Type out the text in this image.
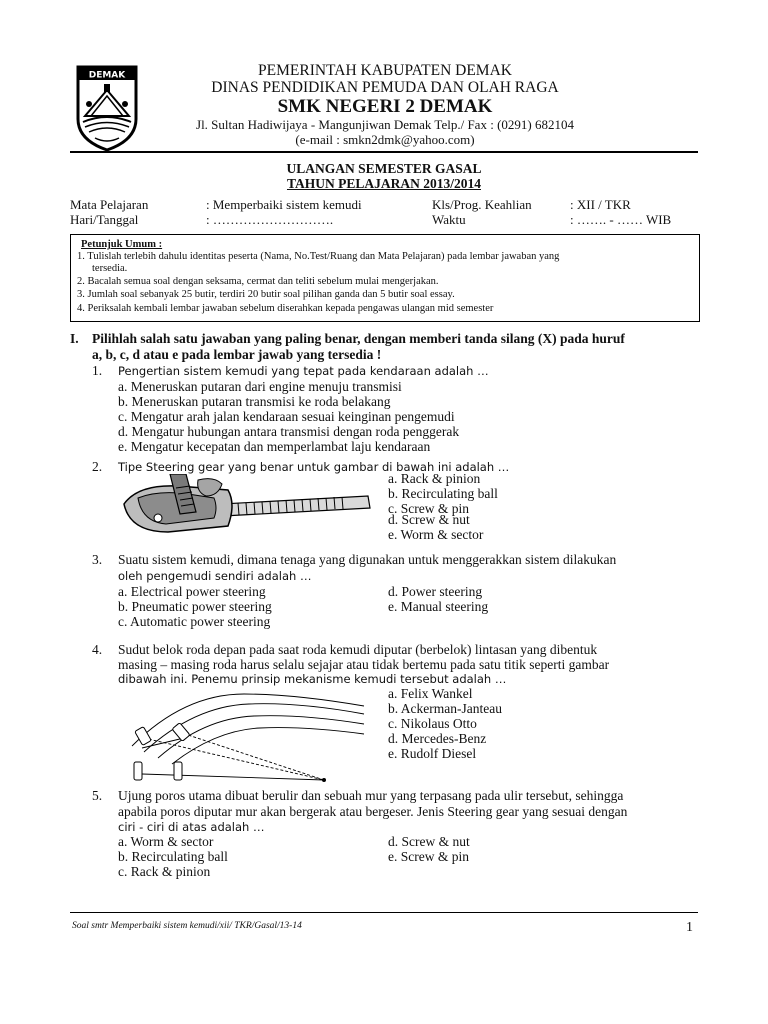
DEMAK	PEMERINTAH KABUPATEN DEMAK
DINAS PENDIDIKAN PEMUDA DAN OLAH RAGA
SMK NEGERI 2 DEMAK
Jl. Sultan Hadiwijaya - Mangunjiwan Demak Telp./ Fax : (0291) 682104
(e-mail : smkn2dmk@yahoo.com)
ULANGAN SEMESTER GASAL
TAHUN PELAJARAN 2013/2014
Mata Pelajaran	: Memperbaiki sistem kemudi
Hari/Tanggal	: ……………………….
Kls/Prog. Keahlian	: XII / TKR
Waktu	: ……. - …… WIB
Petunjuk Umum :
1. Tulislah terlebih dahulu identitas peserta (Nama, No.Test/Ruang dan Mata Pelajaran) pada lembar jawaban yang
tersedia.
2. Bacalah semua soal dengan seksama, cermat dan teliti sebelum mulai mengerjakan.
3. Jumlah soal sebanyak 25 butir, terdiri 20 butir soal pilihan ganda dan 5 butir soal essay.
4. Periksalah kembali lembar jawaban sebelum diserahkan kepada pengawas ulangan mid semester
I. Pilihlah salah satu jawaban yang paling benar, dengan memberi tanda silang (X) pada huruf
a, b, c, d atau e pada lembar jawab yang tersedia !
1. Pengertian sistem kemudi yang tepat pada kendaraan adalah …
a. Meneruskan putaran dari engine menuju transmisi
b. Meneruskan putaran transmisi ke roda belakang
c. Mengatur arah jalan kendaraan sesuai keinginan pengemudi
d. Mengatur hubungan antara transmisi dengan roda penggerak
e. Mengatur kecepatan dan memperlambat laju kendaraan
2. Tipe Steering gear yang benar untuk gambar di bawah ini adalah …
a. Rack & pinion
b. Recirculating ball
c. Screw & pin
d. Screw & nut
e. Worm & sector
3. Suatu sistem kemudi, dimana tenaga yang digunakan untuk menggerakkan sistem dilakukan
oleh pengemudi sendiri adalah …
a. Electrical power steering
b. Pneumatic power steering
c. Automatic power steering
d. Power steering
e. Manual steering
4. Sudut belok roda depan pada saat roda kemudi diputar (berbelok) lintasan yang dibentuk
masing – masing roda harus selalu sejajar atau tidak bertemu pada satu titik seperti gambar
dibawah ini. Penemu prinsip mekanisme kemudi tersebut adalah …
a. Felix Wankel
b. Ackerman-Janteau
c. Nikolaus Otto
d. Mercedes-Benz
e. Rudolf Diesel
5. Ujung poros utama dibuat berulir dan sebuah mur yang terpasang pada ulir tersebut, sehingga
apabila poros diputar mur akan bergerak atau bergeser. Jenis Steering gear yang sesuai dengan
ciri - ciri di atas adalah …
a. Worm & sector
b. Recirculating ball
c. Rack & pinion
d. Screw & nut
e. Screw & pin
Soal smtr Memperbaiki sistem kemudi/xii/ TKR/Gasal/13-14	1
